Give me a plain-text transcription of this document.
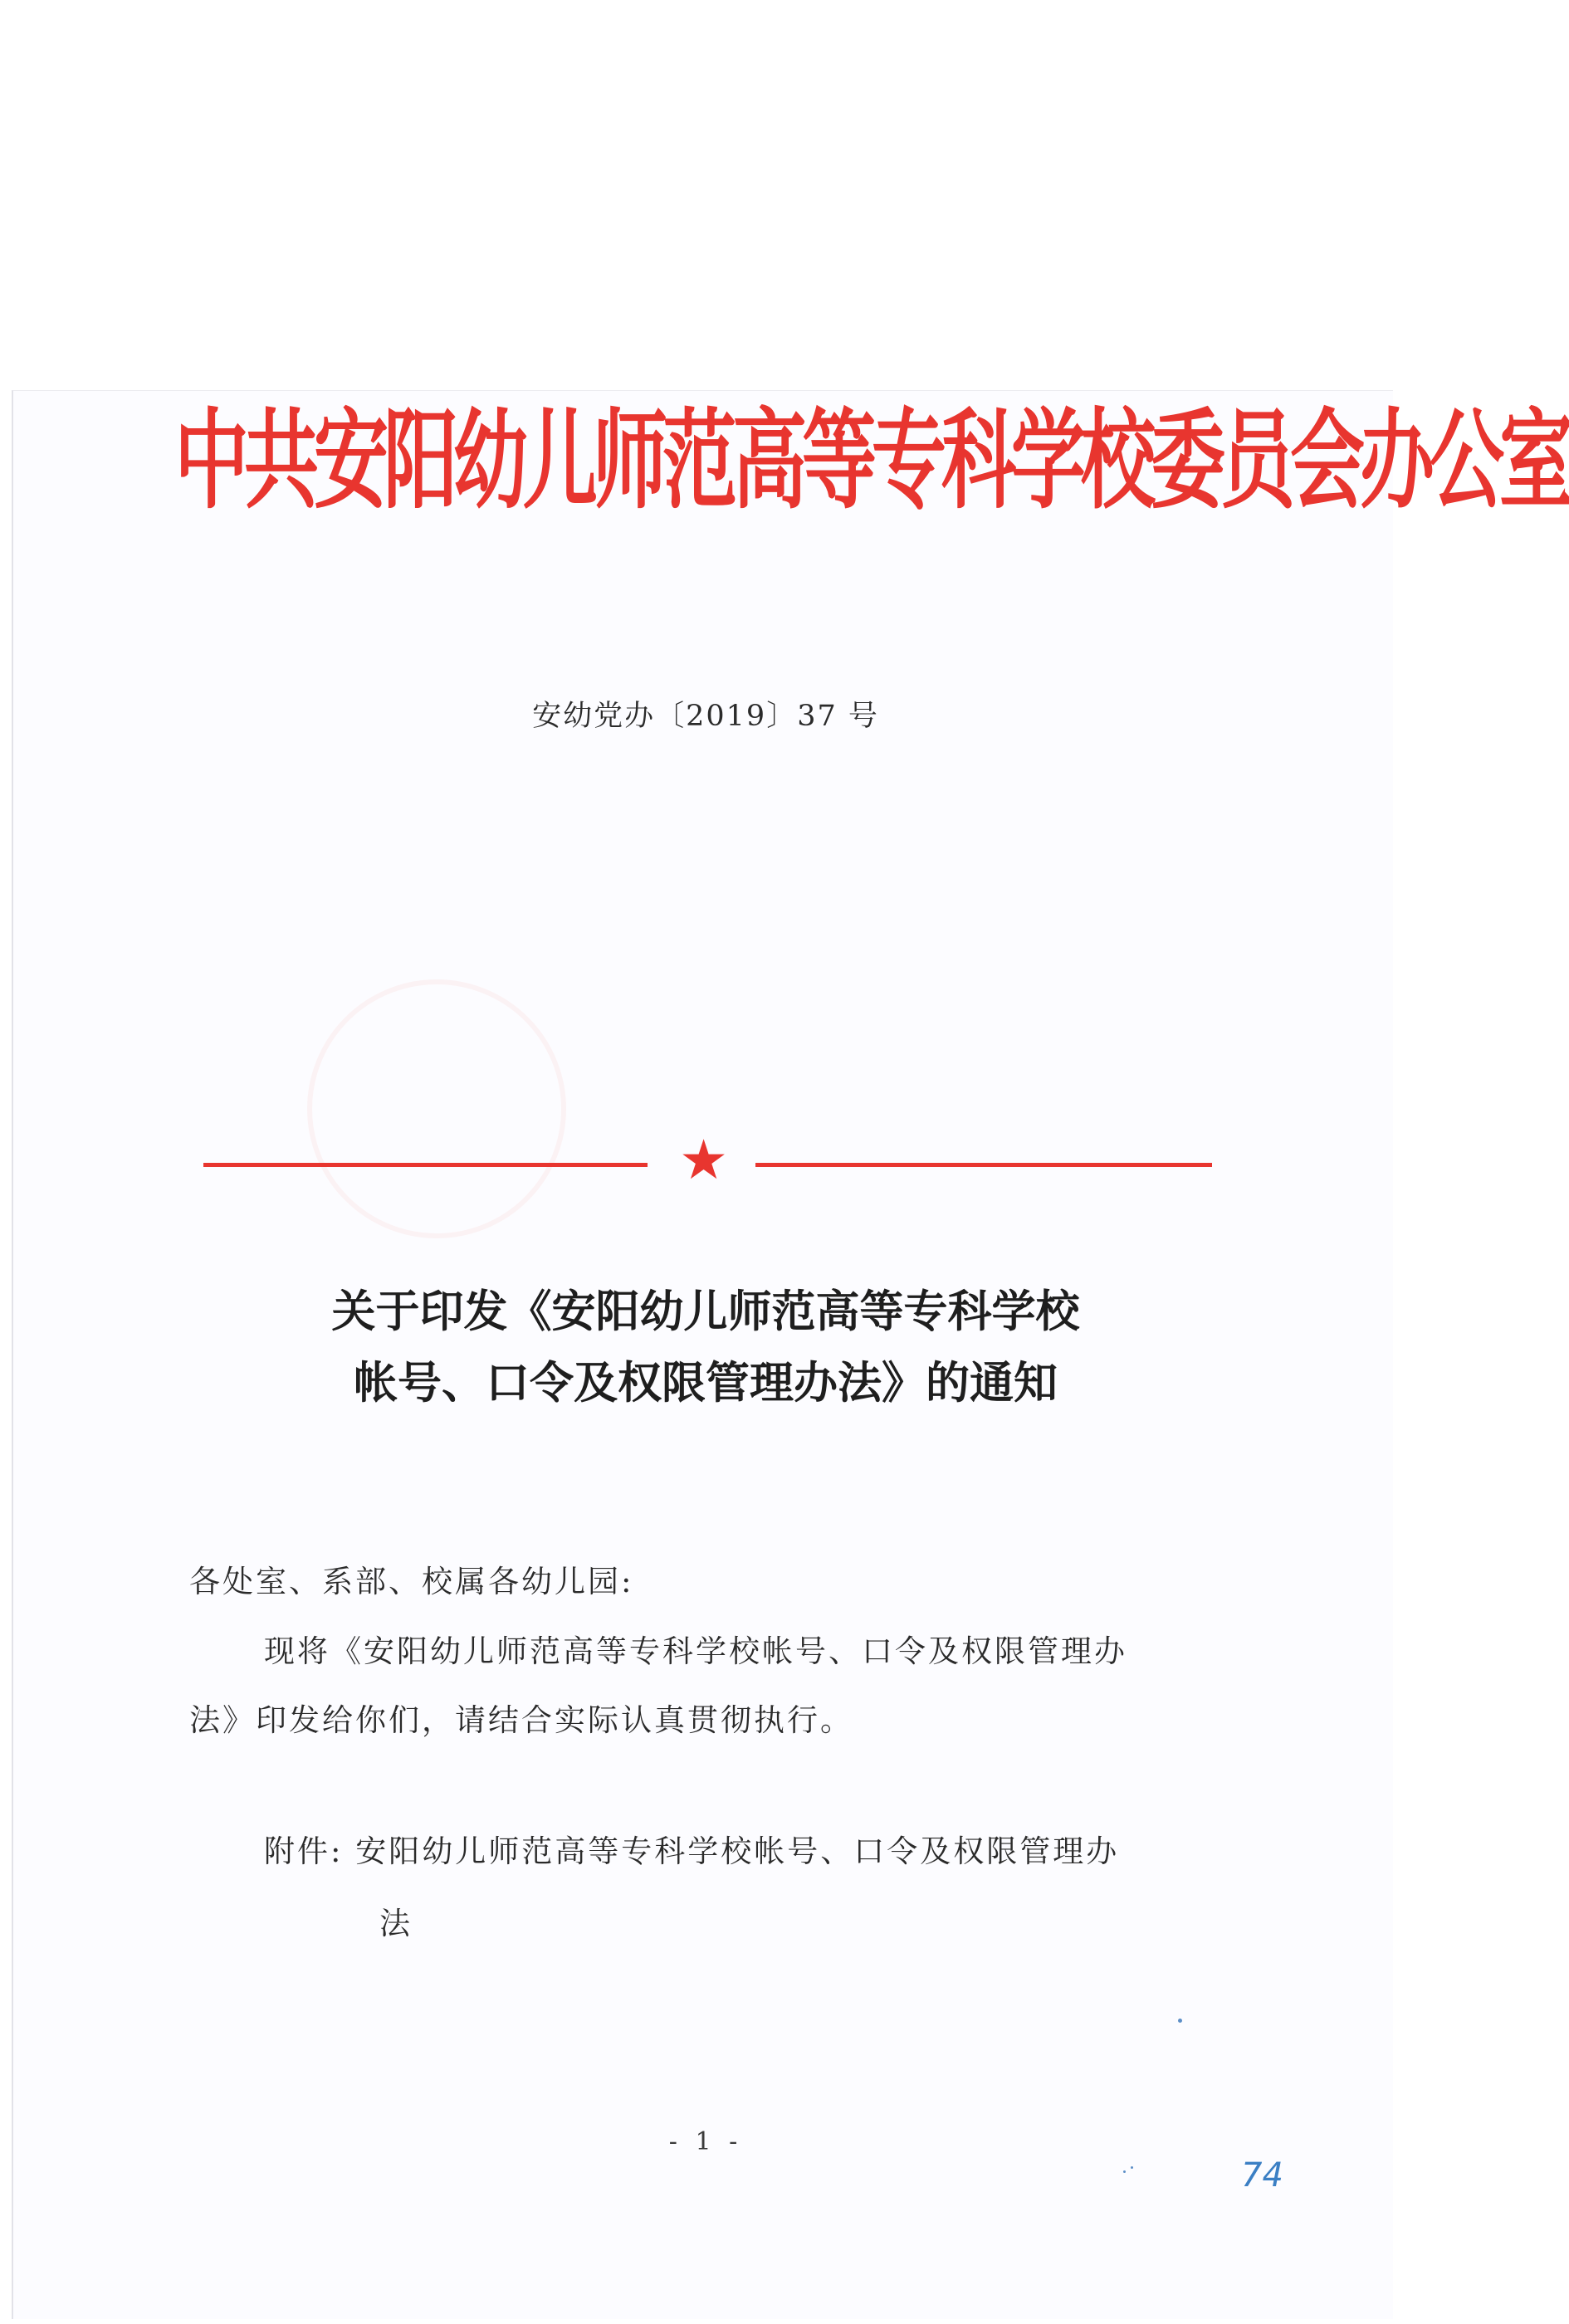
中共安阳幼儿师范高等专科学校委员会办公室
安幼党办〔2019〕37 号
★
关于印发《安阳幼儿师范高等专科学校
帐号、口令及权限管理办法》的通知
各处室、系部、校属各幼儿园:
现将《安阳幼儿师范高等专科学校帐号、口令及权限管理办
法》印发给你们，请结合实际认真贯彻执行。
附件: 安阳幼儿师范高等专科学校帐号、口令及权限管理办
法
- 1 -
74
